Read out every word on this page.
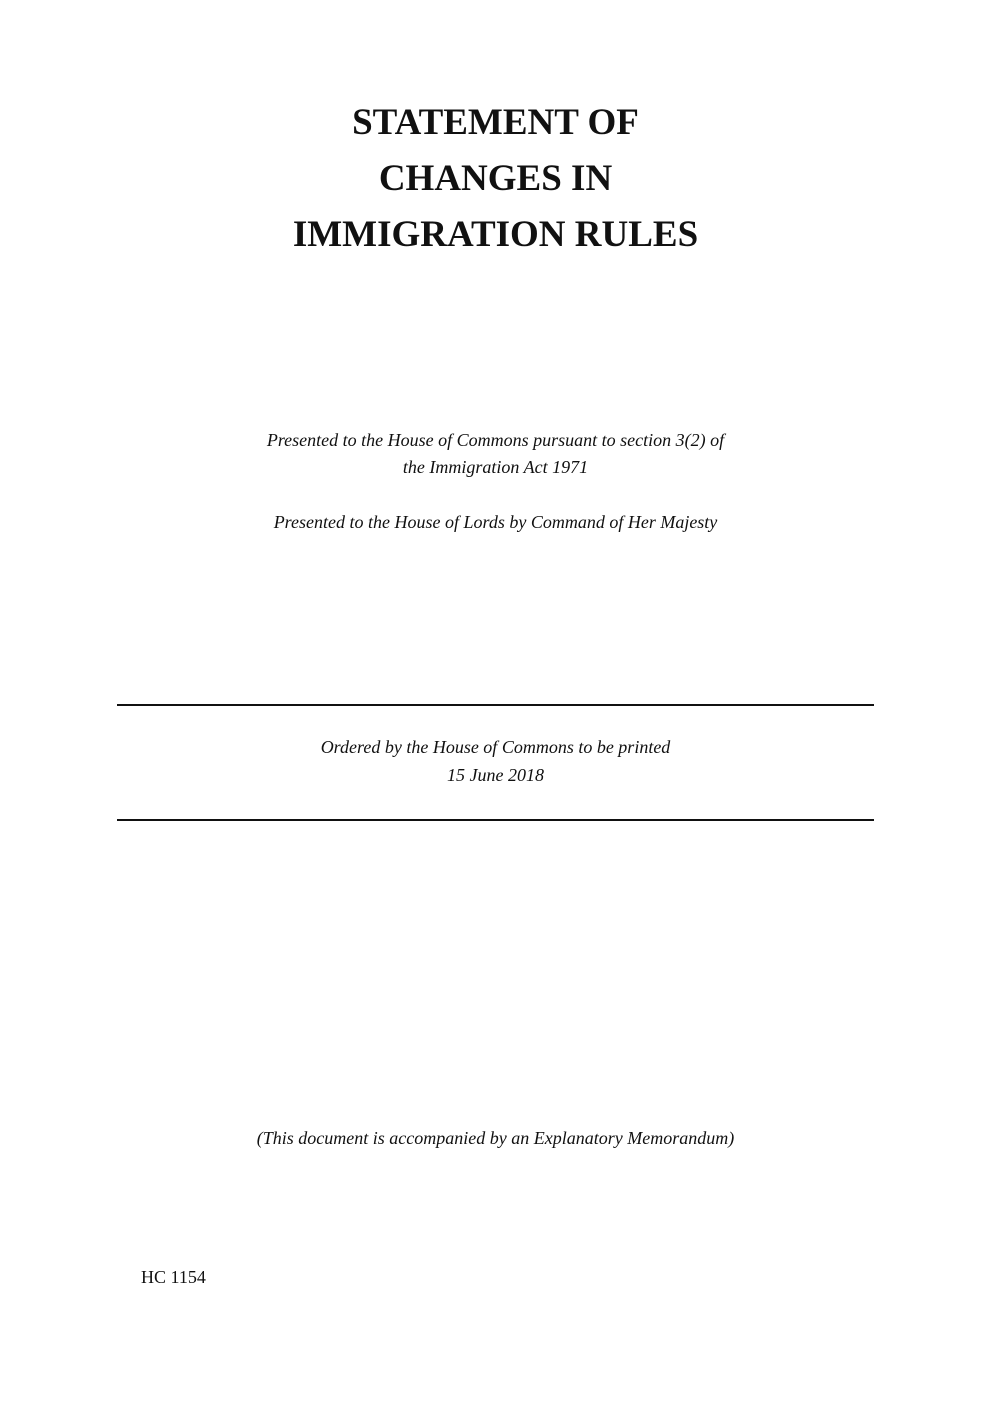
STATEMENT OF
CHANGES IN
IMMIGRATION RULES
Presented to the House of Commons pursuant to section 3(2) of
the Immigration Act 1971
Presented to the House of Lords by Command of Her Majesty
Ordered by the House of Commons to be printed
15 June 2018
(This document is accompanied by an Explanatory Memorandum)
HC 1154
